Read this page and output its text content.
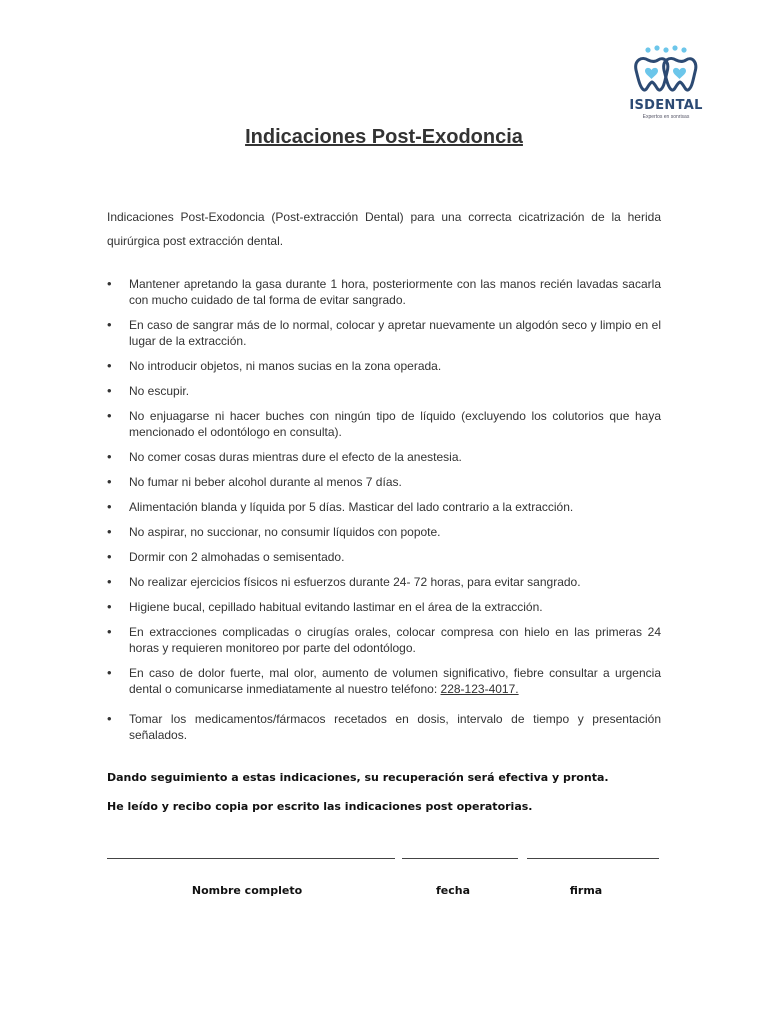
ISDENTAL
Expertos en sonrisas
Indicaciones Post-Exodoncia

Indicaciones Post-Exodoncia (Post-extracción Dental) para una correcta cicatrización de la herida quirúrgica post extracción dental.

• Mantener apretando la gasa durante 1 hora, posteriormente con las manos recién lavadas sacarla con mucho cuidado de tal forma de evitar sangrado.
• En caso de sangrar más de lo normal, colocar y apretar nuevamente un algodón seco y limpio en el lugar de la extracción.
• No introducir objetos, ni manos sucias en la zona operada.
• No escupir.
• No enjuagarse ni hacer buches con ningún tipo de líquido (excluyendo los colutorios que haya mencionado el odontólogo en consulta).
• No comer cosas duras mientras dure el efecto de la anestesia.
• No fumar ni beber alcohol durante al menos 7 días.
• Alimentación blanda y líquida por 5 días. Masticar del lado contrario a la extracción.
• No aspirar, no succionar, no consumir líquidos con popote.
• Dormir con 2 almohadas o semisentado.
• No realizar ejercicios físicos ni esfuerzos durante 24- 72 horas, para evitar sangrado.
• Higiene bucal, cepillado habitual evitando lastimar en el área de la extracción.
• En extracciones complicadas o cirugías orales, colocar compresa con hielo en las primeras 24 horas y requieren monitoreo por parte del odontólogo.
• En caso de dolor fuerte, mal olor, aumento de volumen significativo, fiebre consultar a urgencia dental o comunicarse inmediatamente al nuestro teléfono: 228-123-4017.
• Tomar los medicamentos/fármacos recetados en dosis, intervalo de tiempo y presentación señalados.

Dando seguimiento a estas indicaciones, su recuperación será efectiva y pronta.

He leído y recibo copia por escrito las indicaciones post operatorias.

Nombre completo	fecha	firma
